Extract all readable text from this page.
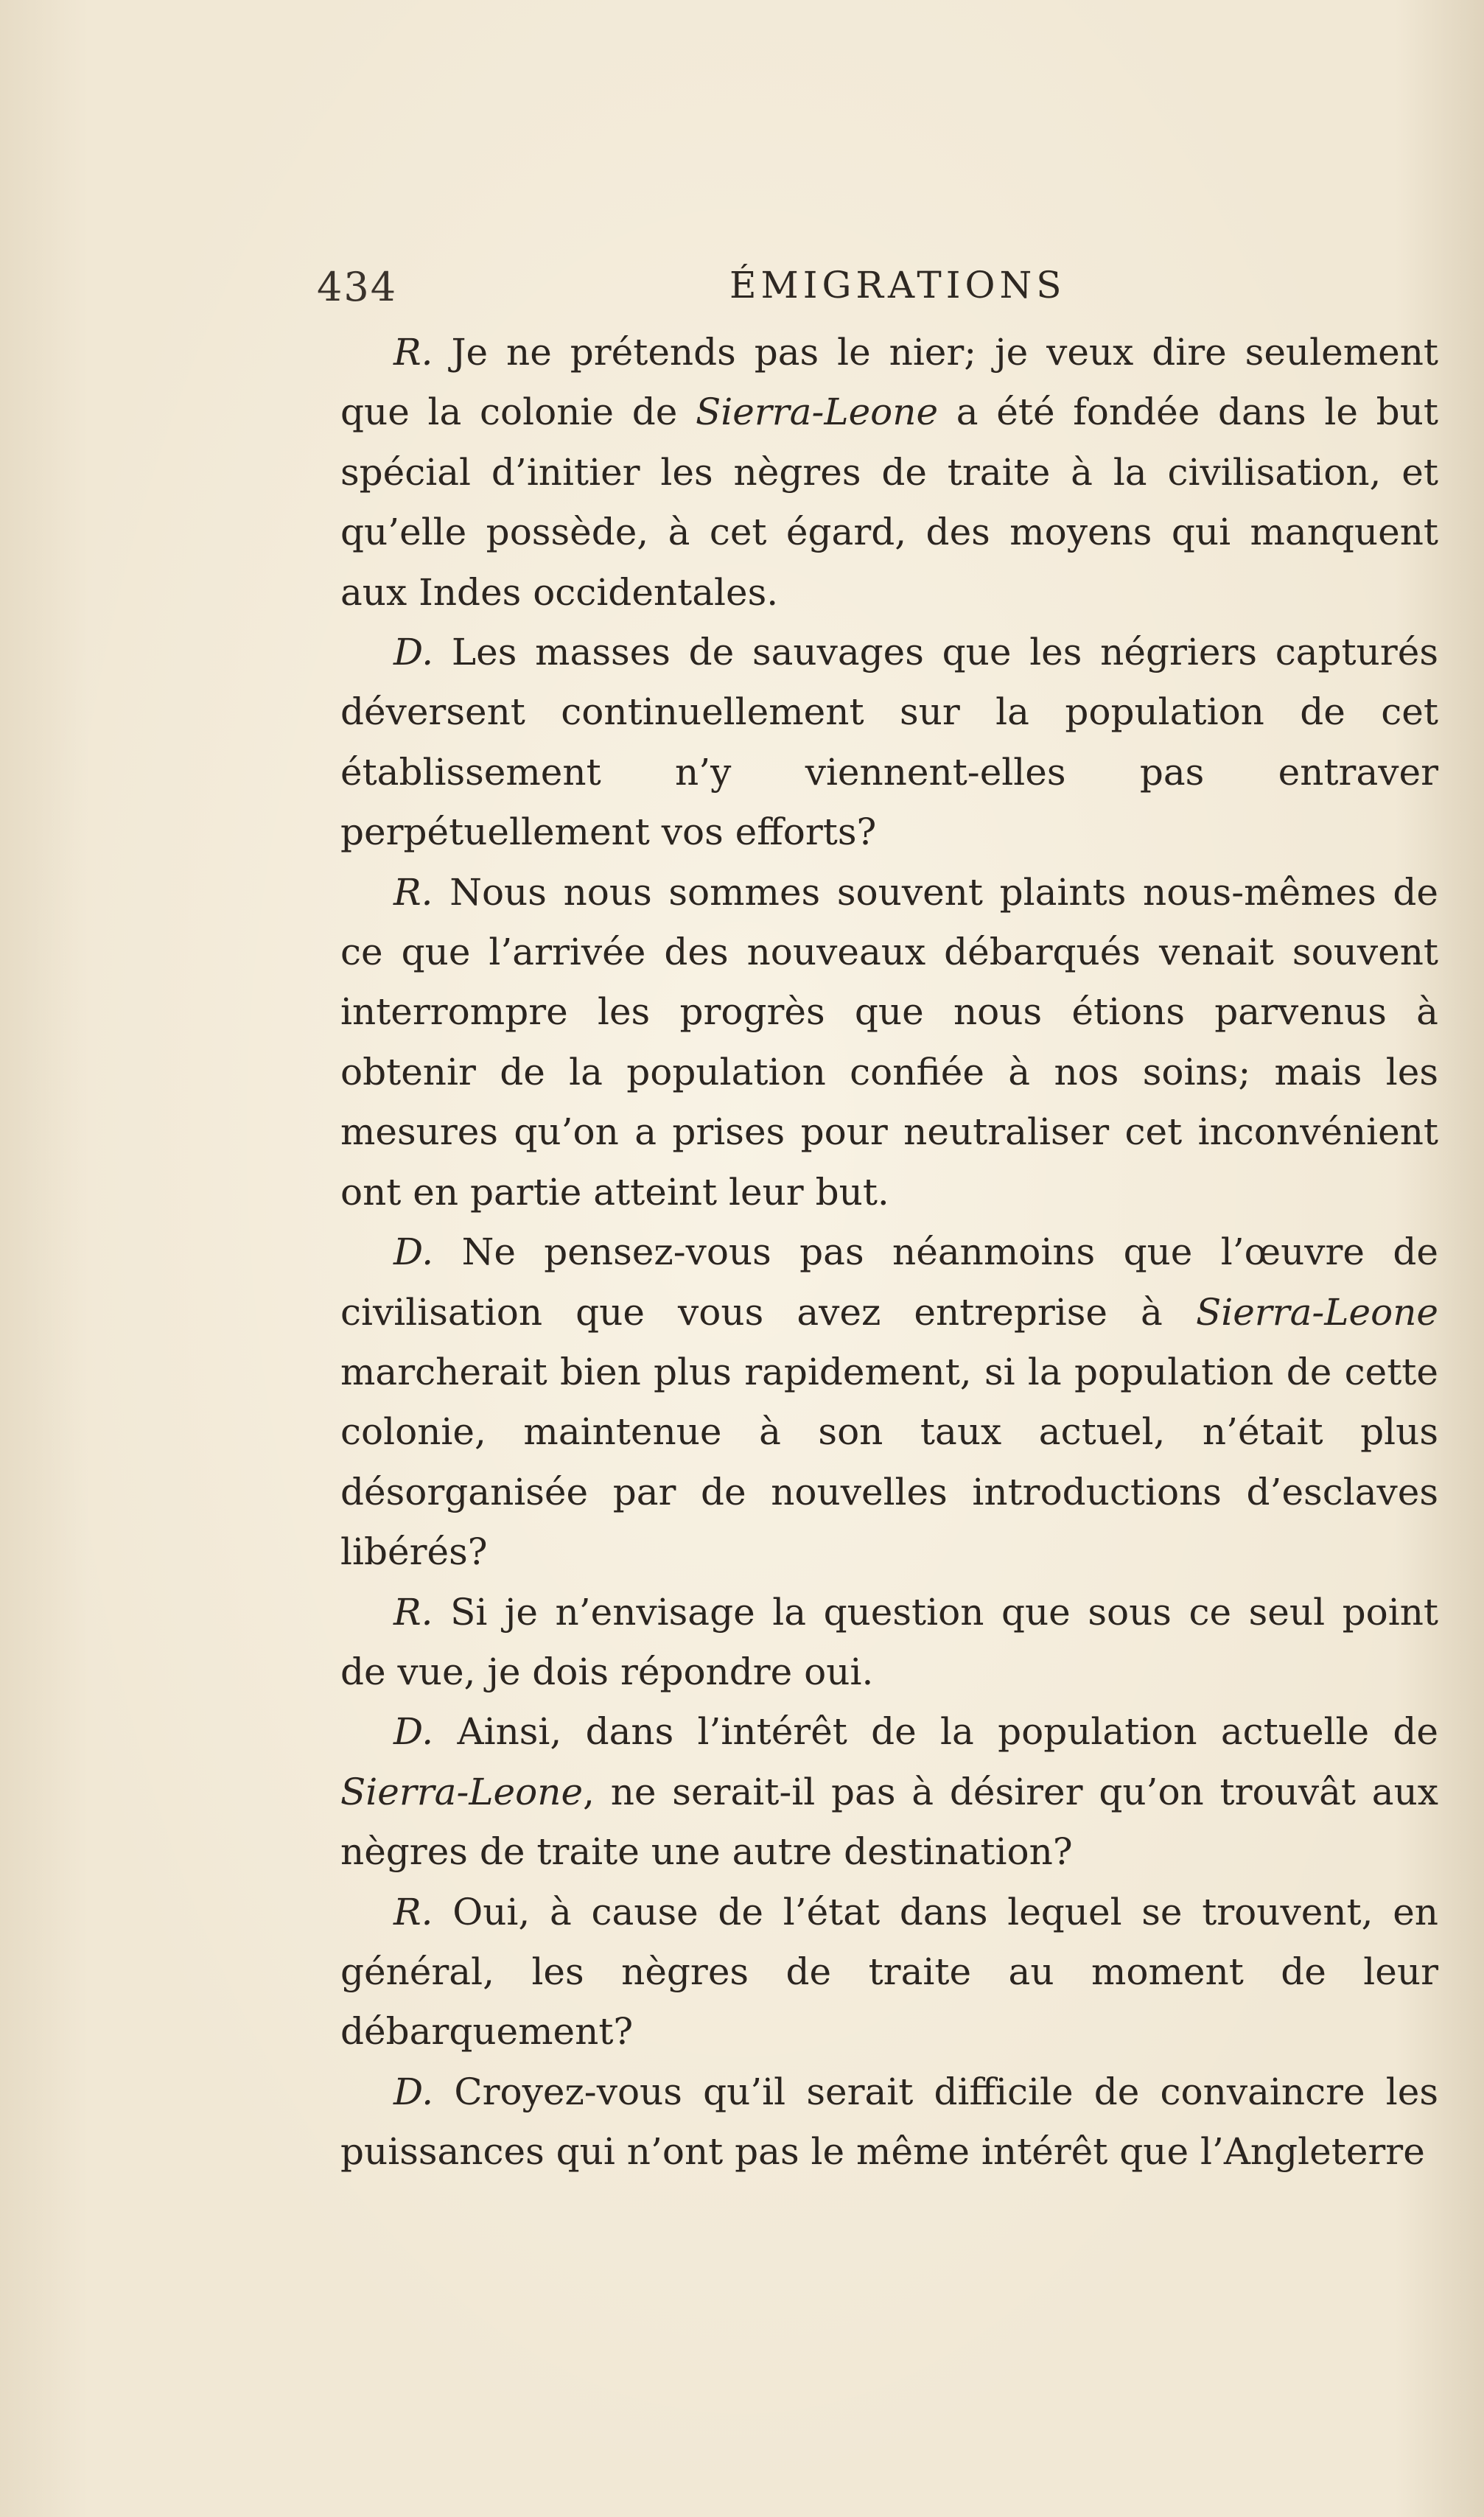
434	ÉMIGRATIONS

R. Je ne prétends pas le nier; je veux dire seulement que la colonie de Sierra-Leone a été fondée dans le but spécial d’initier les nègres de traite à la civilisation, et qu’elle possède, à cet égard, des moyens qui manquent aux Indes occidentales.

D. Les masses de sauvages que les négriers capturés déversent continuellement sur la population de cet établissement n’y viennent-elles pas entraver perpétuellement vos efforts?

R. Nous nous sommes souvent plaints nous-mêmes de ce que l’arrivée des nouveaux débarqués venait souvent interrompre les progrès que nous étions parvenus à obtenir de la population confiée à nos soins; mais les mesures qu’on a prises pour neutraliser cet inconvénient ont en partie atteint leur but.

D. Ne pensez-vous pas néanmoins que l’œuvre de civilisation que vous avez entreprise à Sierra-Leone marcherait bien plus rapidement, si la population de cette colonie, maintenue à son taux actuel, n’était plus désorganisée par de nouvelles introductions d’esclaves libérés?

R. Si je n’envisage la question que sous ce seul point de vue, je dois répondre oui.

D. Ainsi, dans l’intérêt de la population actuelle de Sierra-Leone, ne serait-il pas à désirer qu’on trouvât aux nègres de traite une autre destination?

R. Oui, à cause de l’état dans lequel se trouvent, en général, les nègres de traite au moment de leur débarquement?

D. Croyez-vous qu’il serait difficile de convaincre les puissances qui n’ont pas le même intérêt que l’Angleterre
